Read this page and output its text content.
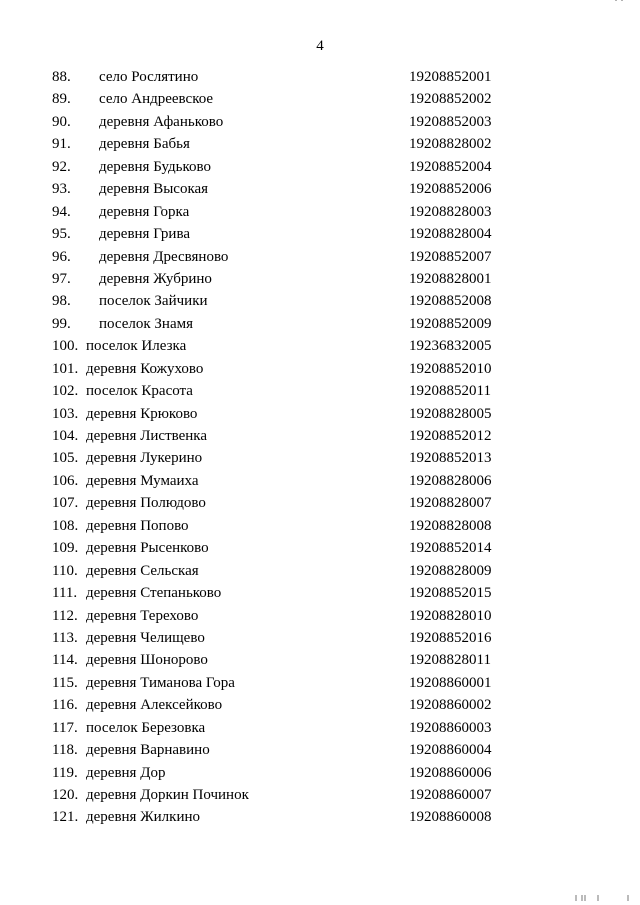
4
88. село Рослятино	19208852001
89. село Андреевское	19208852002
90. деревня Афаньково	19208852003
91. деревня Бабья	19208828002
92. деревня Будьково	19208852004
93. деревня Высокая	19208852006
94. деревня Горка	19208828003
95. деревня Грива	19208828004
96. деревня Дресвяново	19208852007
97. деревня Жубрино	19208828001
98. поселок Зайчики	19208852008
99. поселок Знамя	19208852009
100. поселок Илезка	19236832005
101. деревня Кожухово	19208852010
102. поселок Красота	19208852011
103. деревня Крюково	19208828005
104. деревня Лиственка	19208852012
105. деревня Лукерино	19208852013
106. деревня Мумаиха	19208828006
107. деревня Полюдово	19208828007
108. деревня Попово	19208828008
109. деревня Рысенково	19208852014
110. деревня Сельская	19208828009
111. деревня Степаньково	19208852015
112. деревня Терехово	19208828010
113. деревня Челищево	19208852016
114. деревня Шонорово	19208828011
115. деревня Тиманова Гора	19208860001
116. деревня Алексейково	19208860002
117. поселок Березовка	19208860003
118. деревня Варнавино	19208860004
119. деревня Дор	19208860006
120. деревня Доркин Починок	19208860007
121. деревня Жилкино	19208860008
